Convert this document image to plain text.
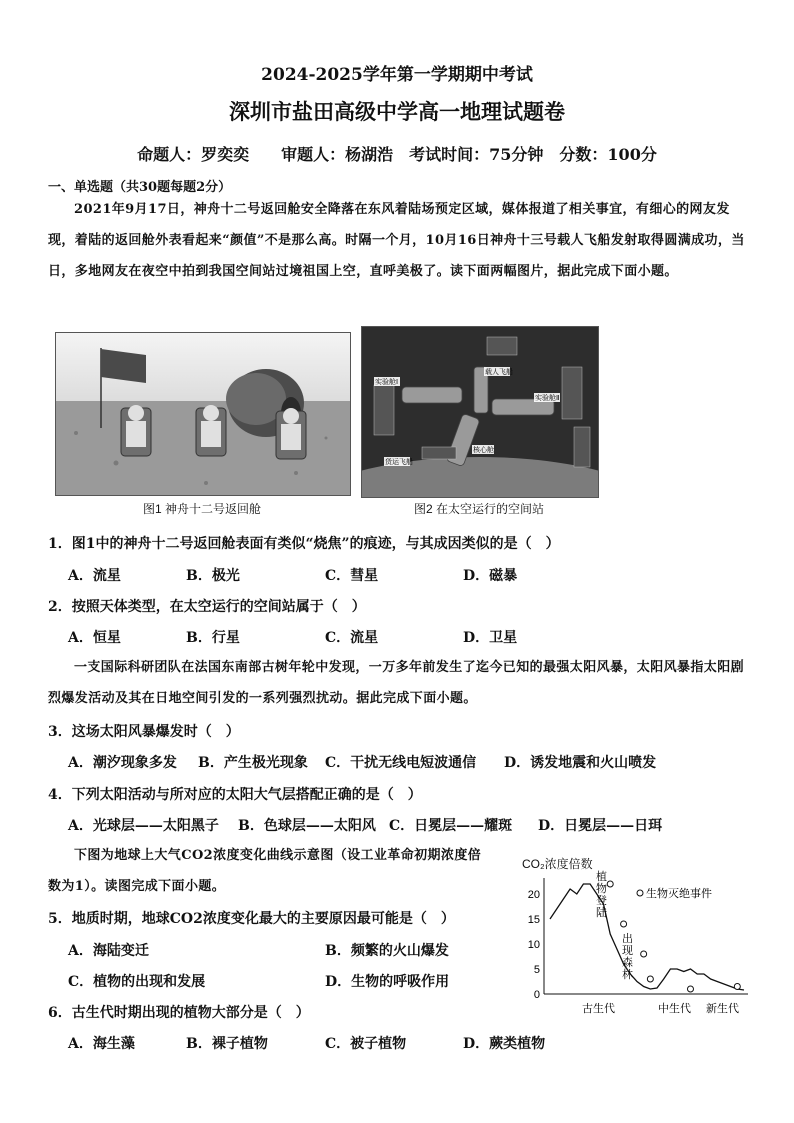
2024-2025学年第一学期期中考试
深圳市盐田高级中学高一地理试题卷
命题人：罗奕奕　　审题人：杨湖浩　考试时间：75分钟　分数：100分
一、单选题（共30题每题2分）
2021年9月17日，神舟十二号返回舱安全降落在东风着陆场预定区域，媒体报道了相关事宜，有细心的网友发现，着陆的返回舱外表看起来“颜值”不是那么高。时隔一个月，10月16日神舟十三号载人飞船发射取得圆满成功，当日，多地网友在夜空中拍到我国空间站过境祖国上空，直呼美极了。读下面两幅图片，据此完成下面小题。
图1 神舟十二号返回舱
实验舱Ⅰ
载人飞船
实验舱Ⅱ
核心舱
货运飞船
图2 在太空运行的空间站
1．图1中的神舟十二号返回舱表面有类似“烧焦”的痕迹，与其成因类似的是（　）
A．流星	B．极光	C．彗星	D．磁暴
2．按照天体类型，在太空运行的空间站属于（　）
A．恒星	B．行星	C．流星	D．卫星
一支国际科研团队在法国东南部古树年轮中发现，一万多年前发生了迄今已知的最强太阳风暴，太阳风暴指太阳剧烈爆发活动及其在日地空间引发的一系列强烈扰动。据此完成下面小题。
3．这场太阳风暴爆发时（　）
A．潮汐现象多发 B．产生极光现象 C．干扰无线电短波通信 D．诱发地震和火山喷发
4．下列太阳活动与所对应的太阳大气层搭配正确的是（　）
A．光球层——太阳黑子 B．色球层——太阳风 C．日冕层——耀斑 D．日冕层——日珥
下图为地球上大气CO2浓度变化曲线示意图（设工业革命初期浓度倍数为1）。读图完成下面小题。
CO₂浓度倍数
0
5
10
15
20
植
物
登
陆
出
现
森
林
生物灭绝事件
古生代	中生代 新生代
5．地质时期，地球CO2浓度变化最大的主要原因最可能是（　）
A．海陆变迁	B．频繁的火山爆发
C．植物的出现和发展	D．生物的呼吸作用
6．古生代时期出现的植物大部分是（　）
A．海生藻	B．裸子植物	C．被子植物	D．蕨类植物
